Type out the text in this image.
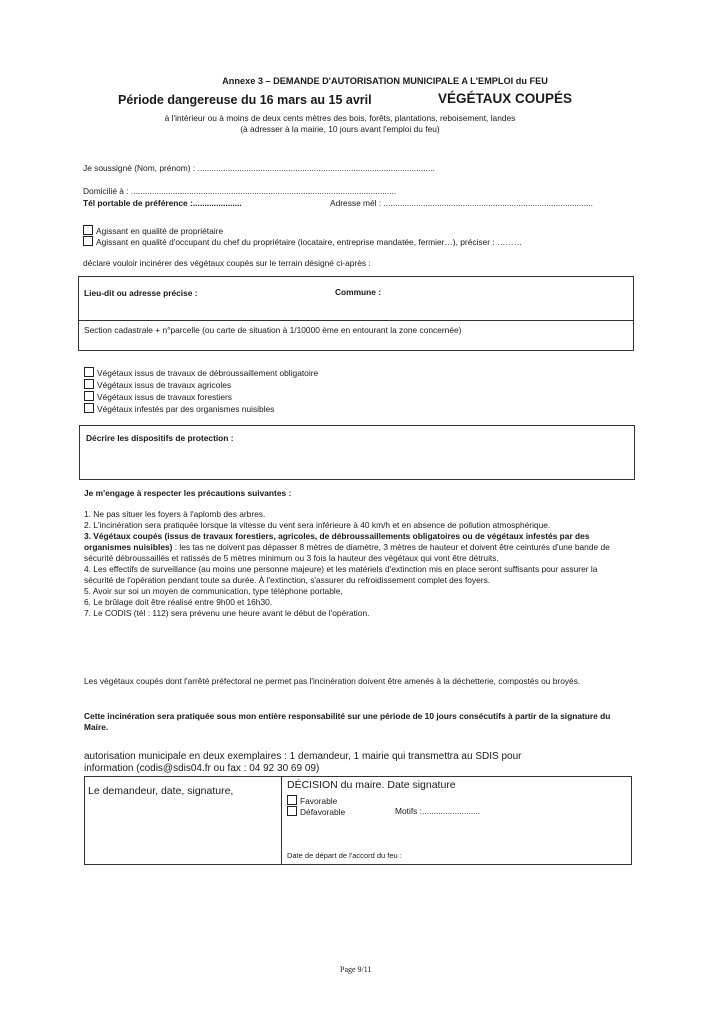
Annexe 3 – DEMANDE D'AUTORISATION MUNICIPALE A L'EMPLOI du FEU
Période dangereuse du 16 mars au 15 avril	VÉGÉTAUX COUPÉS
à l'intérieur ou à moins de deux cents mètres des bois, forêts, plantations, reboisement, landes
(à adresser à la mairie, 10 jours avant l'emploi du feu)
Je soussigné (Nom, prénom) : ......................................................................................................
Domicilié à : ..................................................................................................................
Tél portable de préférence :.....................	Adresse mél : ..........................................................................................
Agissant en qualité de propriétaire
Agissant en qualité d'occupant du chef du propriétaire (locataire, entreprise mandatée, fermier…), préciser : ………
déclare vouloir incinérer des végétaux coupés sur le terrain désigné ci-après :
Lieu-dit ou adresse précise :	Commune :
Section cadastrale + n°parcelle (ou carte de situation à 1/10000 ème en entourant la zone concernée)
Végétaux issus de travaux de débroussaillement obligatoire
Végétaux issus de travaux agricoles
Végétaux issus de travaux forestiers
Végétaux infestés par des organismes nuisibles
Décrire les dispositifs de protection :
Je m'engage à respecter les précautions suivantes :

1. Ne pas situer les foyers à l'aplomb des arbres.

2. L'incinération sera pratiquée lorsque la vitesse du vent sera inférieure à 40 km/h et en absence de pollution atmosphérique.

3. Végétaux coupés (issus de travaux forestiers, agricoles, de débroussaillements obligatoires ou de végétaux infestés par des organismes nuisibles) : les tas ne doivent pas dépasser 8 mètres de diamètre, 3 mètres de hauteur et doivent être ceinturés d'une bande de sécurité débroussaillés et ratissés de 5 mètres minimum ou 3 fois la hauteur des végétaux qui vont être détruits.

4. Les effectifs de surveillance (au moins une personne majeure) et les matériels d'extinction mis en place seront suffisants pour assurer la sécurité de l'opération pendant toute sa durée. À l'extinction, s'assurer du refroidissement complet des foyers.

5. Avoir sur soi un moyen de communication, type téléphone portable,

6. Le brûlage doit être réalisé entre 9h00 et 16h30.

7. Le CODIS (tél : 112) sera prévenu une heure avant le début de l'opération.

Les végétaux coupés dont l'arrêté préfectoral ne permet pas l'incinération doivent être amenés à la déchetterie, compostés ou broyés.
Cette incinération sera pratiquée sous mon entière responsabilité sur une période de 10 jours consécutifs à partir de la signature du Maire.
autorisation municipale en deux exemplaires : 1 demandeur, 1 mairie qui transmettra au SDIS pour
information (codis@sdis04.fr ou fax : 04 92 30 69 09)
Le demandeur, date, signature,	DÉCISION du maire. Date signature
Favorable
Défavorable	Motifs :.........................
Date de départ de l'accord du feu :
Page 9/11
